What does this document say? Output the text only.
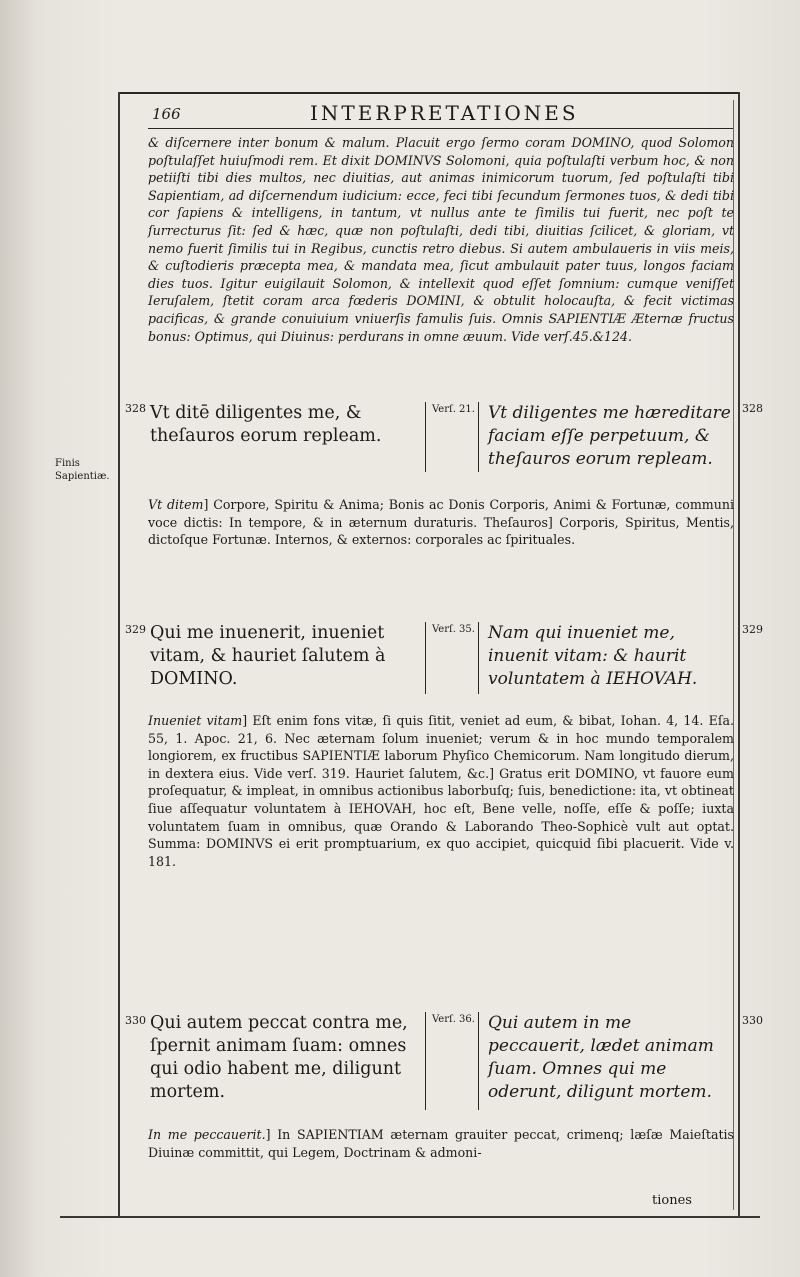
166	INTERPRETATIONES

& diſcernere inter bonum & malum. Placuit ergo ſermo coram DOMINO, quod Solomon poſtulaſſet huiuſmodi rem. Et dixit DOMINVS Solomoni, quia poſtulaſti verbum hoc, & non petiiſti tibi dies multos, nec diuitias, aut animas inimicorum tuorum, ſed poſtulaſti tibi Sapientiam, ad diſcernendum iudicium: ecce, feci tibi ſecundum ſermones tuos, & dedi tibi cor ſapiens & intelligens, in tantum, vt nullus ante te ſimilis tui fuerit, nec poſt te ſurrecturus ſit: ſed & hæc, quæ non poſtulaſti, dedi tibi, diuitias ſcilicet, & gloriam, vt nemo fuerit ſimilis tui in Regibus, cunctis retro diebus. Si autem ambulaueris in viis meis, & cuſtodieris præcepta mea, & mandata mea, ſicut ambulauit pater tuus, longos faciam dies tuos. Igitur euigilauit Solomon, & intellexit quod eſſet ſomnium: cumque veniſſet Ieruſalem, ſtetit coram arca fœderis DOMINI, & obtulit holocauſta, & fecit victimas pacificas, & grande conuiuium vniuerſis famulis ſuis. Omnis SAPIENTIÆ Æternæ fructus bonus: Optimus, qui Diuinus: perdurans in omne æuum. Vide verſ.45.&124.

Finis Sapientiæ.
328	328

Vt ditē diligentes me, & theſauros eorum repleam.

Verſ. 21. Vt diligentes me hæreditare faciam eſſe perpetuum, & theſauros eorum repleam.

Vt ditem] Corpore, Spiritu & Anima; Bonis ac Donis Corporis, Animi & Fortunæ, communi voce dictis: In tempore, & in æternum duraturis. Theſauros] Corporis, Spiritus, Mentis, dictoſque Fortunæ. Internos, & externos: corporales ac ſpirituales.

329	329

Qui me inuenerit, inueniet vitam, & hauriet ſalutem à DOMINO.

Verſ. 35. Nam qui inueniet me, inuenit vitam: & haurit voluntatem à IEHOVAH.

Inueniet vitam] Eſt enim fons vitæ, ſi quis ſitit, veniet ad eum, & bibat, Iohan. 4, 14. Eſa. 55, 1. Apoc. 21, 6. Nec æternam ſolum inueniet; verum & in hoc mundo temporalem longiorem, ex fructibus SAPIENTIÆ laborum Phyſico Chemicorum. Nam longitudo dierum, in dextera eius. Vide verſ. 319. Hauriet ſalutem, &c.] Gratus erit DOMINO, vt fauore eum proſequatur, & impleat, in omnibus actionibus laborbuſq; ſuis, benedictione: ita, vt obtineat ſiue aſſequatur voluntatem à IEHOVAH, hoc eſt, Bene velle, noſſe, eſſe & poſſe; iuxta voluntatem ſuam in omnibus, quæ Orando & Laborando Theo-Sophicè vult aut optat. Summa: DOMINVS ei erit promptuarium, ex quo accipiet, quicquid ſibi placuerit. Vide v. 181.

330	330

Qui autem peccat contra me, ſpernit animam ſuam: omnes qui odio habent me, diligunt mortem.

Verſ. 36. Qui autem in me peccauerit, lædet animam ſuam. Omnes qui me oderunt, diligunt mortem.

In me peccauerit.] In SAPIENTIAM æternam grauiter peccat, crimenq; læſæ Maieſtatis Diuinæ committit, qui Legem, Doctrinam & admoni-

tiones
